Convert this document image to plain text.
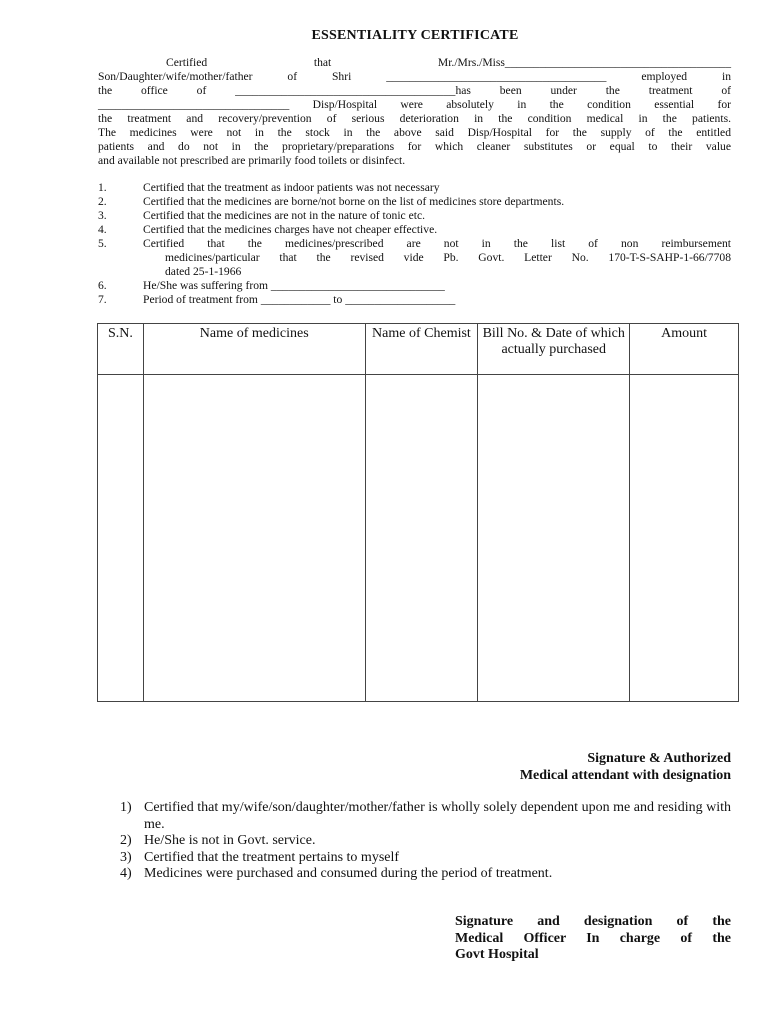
ESSENTIALITY CERTIFICATE
Certified that Mr./Mrs./Miss_______________________________________
Son/Daughter/wife/mother/father of Shri ______________________________________ employed in
the office of ______________________________________has been under the treatment of
_________________________________ Disp/Hospital were absolutely in the condition essential for
the treatment and recovery/prevention of serious deterioration in the condition medical in the patients.
The medicines were not in the stock in the above said Disp/Hospital for the supply of the entitled
patients and do not in the proprietary/preparations for which cleaner substitutes or equal to their value
and available not prescribed are primarily food toilets or disinfect.
1.	Certified that the treatment as indoor patients was not necessary
2.	Certified that the medicines are borne/not borne on the list of medicines store departments.
3.	Certified that the medicines are not in the nature of tonic etc.
4.	Certified that the medicines charges have not cheaper effective.
5.	Certified that the medicines/prescribed are not in the list of non reimbursement
medicines/particular that the revised vide Pb. Govt. Letter No. 170-T-S-SAHP-1-66/7708
dated 25-1-1966
6.	He/She was suffering from ______________________________
7.	Period of treatment from ____________ to ___________________
S.N.	Name of medicines	Name of Chemist	Bill No. & Date of which actually purchased	Amount

Signature & Authorized
Medical attendant with designation
1) Certified that my/wife/son/daughter/mother/father is wholly solely dependent upon me and residing with me.
2) He/She is not in Govt. service.
3) Certified that the treatment pertains to myself
4) Medicines were purchased and consumed during the period of treatment.
Signature and designation of the
Medical Officer In charge of the
Govt Hospital
